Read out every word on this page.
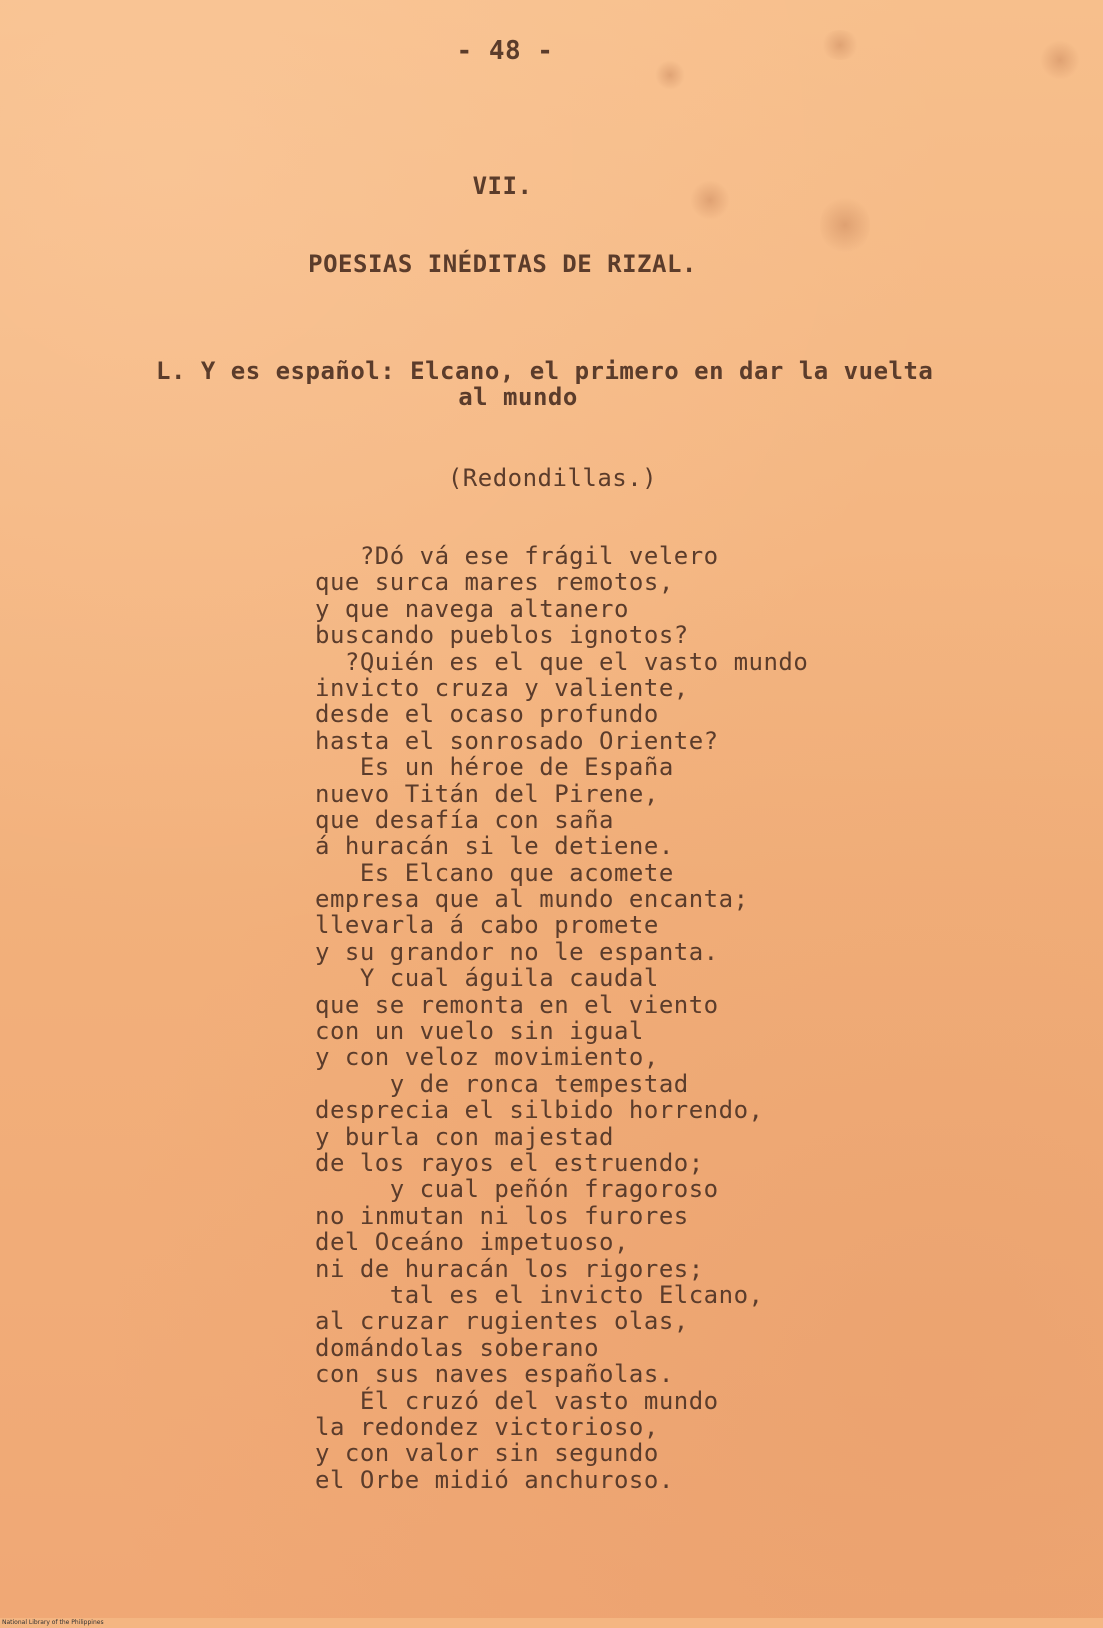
- 48 -
VII.
POESIAS INÉDITAS DE RIZAL.
L. Y es español: Elcano, el primero en dar la vuelta
al mundo

(Redondillas.)

?Dó vá ese frágil velero
que surca mares remotos,
y que navega altanero
buscando pueblos ignotos?
?Quién es el que el vasto mundo
invicto cruza y valiente,
desde el ocaso profundo
hasta el sonrosado Oriente?
Es un héroe de España
nuevo Titán del Pirene,
que desafía con saña
á huracán si le detiene.
Es Elcano que acomete
empresa que al mundo encanta;
llevarla á cabo promete
y su grandor no le espanta.
Y cual águila caudal
que se remonta en el viento
con un vuelo sin igual
y con veloz movimiento,
y de ronca tempestad
desprecia el silbido horrendo,
y burla con majestad
de los rayos el estruendo;
y cual peñón fragoroso
no inmutan ni los furores
del Oceáno impetuoso,
ni de huracán los rigores;
tal es el invicto Elcano,
al cruzar rugientes olas,
domándolas soberano
con sus naves españolas.
Él cruzó del vasto mundo
la redondez victorioso,
y con valor sin segundo
el Orbe midió anchuroso.
National Library of the Philippines
